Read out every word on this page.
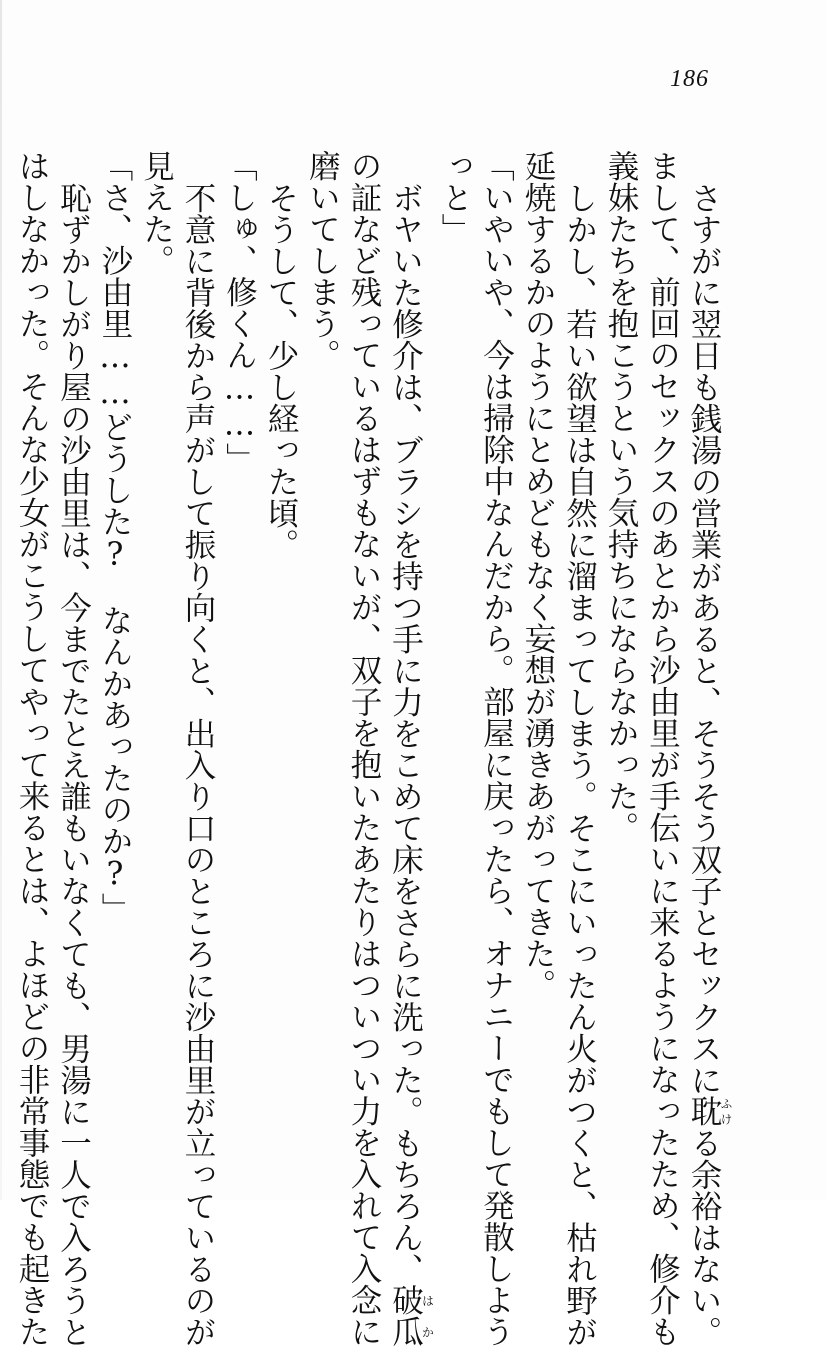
186
さすがに翌日も銭湯の営業があると、そうそう双子とセックスに耽ふける余裕はない。
まして、前回のセックスのあとから沙由里が手伝いに来るようになったため、修介も
義妹たちを抱こうという気持ちにならなかった。
しかし、若い欲望は自然に溜まってしまう。そこにいったん火がつくと、枯れ野が
延焼するかのようにとめどもなく妄想が湧きあがってきた。
「いやいや、今は掃除中なんだから。部屋に戻ったら、オナニーでもして発散しよう
っと」
ボヤいた修介は、ブラシを持つ手に力をこめて床をさらに洗った。もちろん、破瓜はか
の証など残っているはずもないが、双子を抱いたあたりはついつい力を入れて入念に
磨いてしまう。
そうして、少し経った頃。
「しゅ、修くん……」
不意に背後から声がして振り向くと、出入り口のところに沙由里が立っているのが
見えた。
「さ、沙由里……どうした?　なんかあったのか?」
恥ずかしがり屋の沙由里は、今までたとえ誰もいなくても、男湯に一人で入ろうと
はしなかった。そんな少女がこうしてやって来るとは、よほどの非常事態でも起きた
